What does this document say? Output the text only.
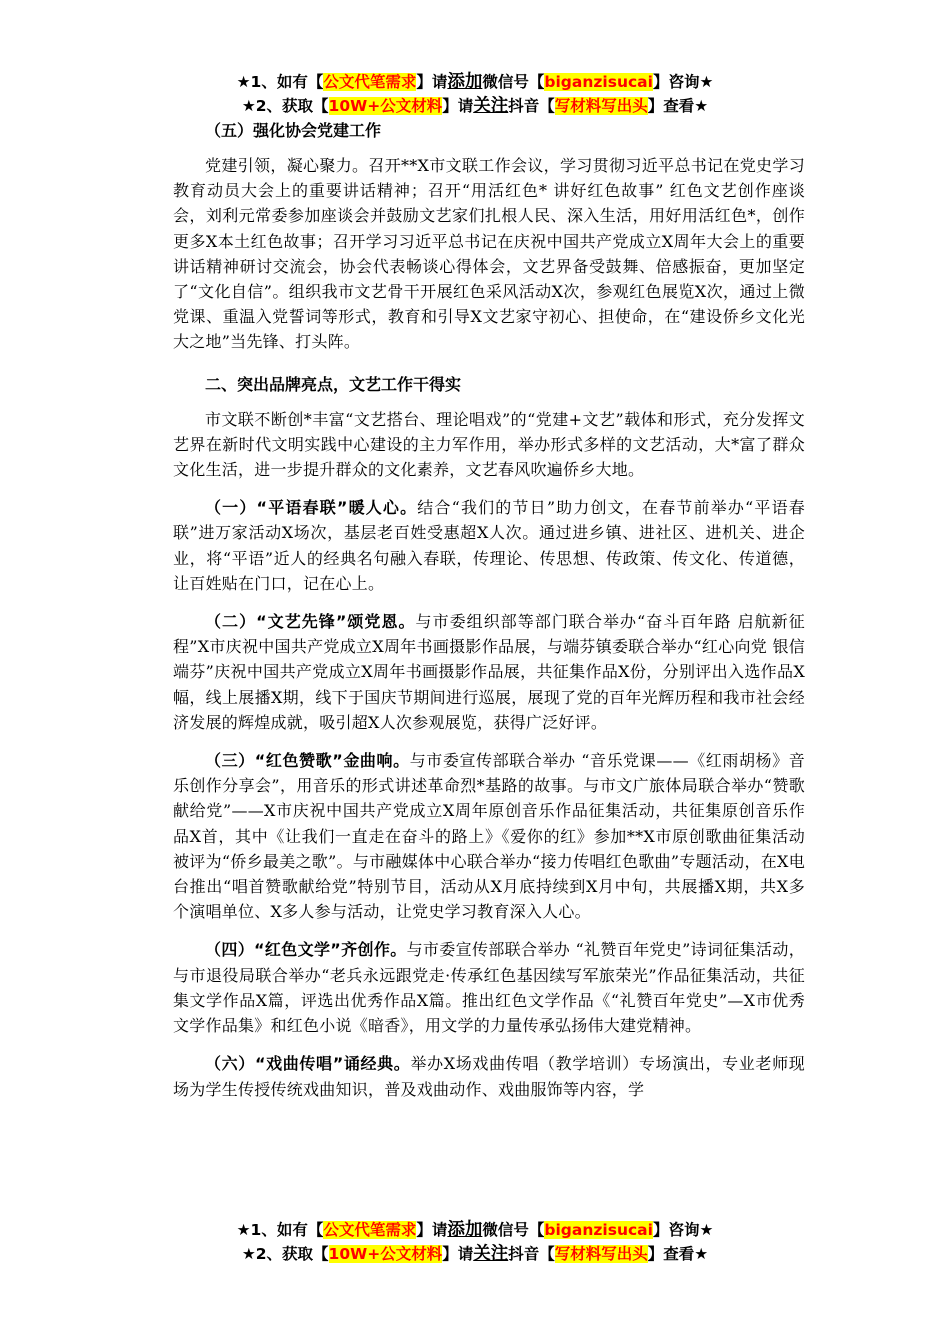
★1、如有【公文代笔需求】请添加微信号【biganzisucai】咨询★
★2、获取【10W+公文材料】请关注抖音【写材料写出头】查看★

（五）强化协会党建工作

党建引领，凝心聚力。召开**X市文联工作会议，学习贯彻习近平总书记在党史学习教育动员大会上的重要讲话精神；召开“用活红色* 讲好红色故事” 红色文艺创作座谈会，刘利元常委参加座谈会并鼓励文艺家们扎根人民、深入生活，用好用活红色*，创作更多X本土红色故事；召开学习习近平总书记在庆祝中国共产党成立X周年大会上的重要讲话精神研讨交流会，协会代表畅谈心得体会，文艺界备受鼓舞、倍感振奋，更加坚定了“文化自信”。组织我市文艺骨干开展红色采风活动X次，参观红色展览X次，通过上微党课、重温入党誓词等形式，教育和引导X文艺家守初心、担使命，在“建设侨乡文化光大之地”当先锋、打头阵。

二、突出品牌亮点，文艺工作干得实

市文联不断创*丰富“文艺搭台、理论唱戏”的“党建+文艺”载体和形式，充分发挥文艺界在新时代文明实践中心建设的主力军作用，举办形式多样的文艺活动，大*富了群众文化生活，进一步提升群众的文化素养，文艺春风吹遍侨乡大地。

（一）“平语春联”暖人心。结合“我们的节日”助力创文，在春节前举办“平语春联”进万家活动X场次，基层老百姓受惠超X人次。通过进乡镇、进社区、进机关、进企业，将“平语”近人的经典名句融入春联，传理论、传思想、传政策、传文化、传道德，让百姓贴在门口，记在心上。

（二）“文艺先锋”颂党恩。与市委组织部等部门联合举办“奋斗百年路 启航新征程”X市庆祝中国共产党成立X周年书画摄影作品展，与端芬镇委联合举办“红心向党 银信端芬”庆祝中国共产党成立X周年书画摄影作品展，共征集作品X份，分别评出入选作品X幅，线上展播X期，线下于国庆节期间进行巡展，展现了党的百年光辉历程和我市社会经济发展的辉煌成就，吸引超X人次参观展览，获得广泛好评。

（三）“红色赞歌”金曲响。与市委宣传部联合举办 “音乐党课——《红雨胡杨》音乐创作分享会”，用音乐的形式讲述革命烈*基路的故事。与市文广旅体局联合举办“赞歌献给党”——X市庆祝中国共产党成立X周年原创音乐作品征集活动，共征集原创音乐作品X首，其中《让我们一直走在奋斗的路上》《爱你的红》参加**X市原创歌曲征集活动被评为“侨乡最美之歌”。与市融媒体中心联合举办“接力传唱红色歌曲”专题活动，在X电台推出“唱首赞歌献给党”特别节目，活动从X月底持续到X月中旬，共展播X期，共X多个演唱单位、X多人参与活动，让党史学习教育深入人心。

（四）“红色文学”齐创作。与市委宣传部联合举办 “礼赞百年党史”诗词征集活动，与市退役局联合举办“老兵永远跟党走·传承红色基因续写军旅荣光”作品征集活动，共征集文学作品X篇，评选出优秀作品X篇。推出红色文学作品《“礼赞百年党史”—X市优秀文学作品集》和红色小说《暗香》，用文学的力量传承弘扬伟大建党精神。

（六）“戏曲传唱”诵经典。举办X场戏曲传唱（教学培训）专场演出，专业老师现场为学生传授传统戏曲知识，普及戏曲动作、戏曲服饰等内容，学

★1、如有【公文代笔需求】请添加微信号【biganzisucai】咨询★
★2、获取【10W+公文材料】请关注抖音【写材料写出头】查看★
